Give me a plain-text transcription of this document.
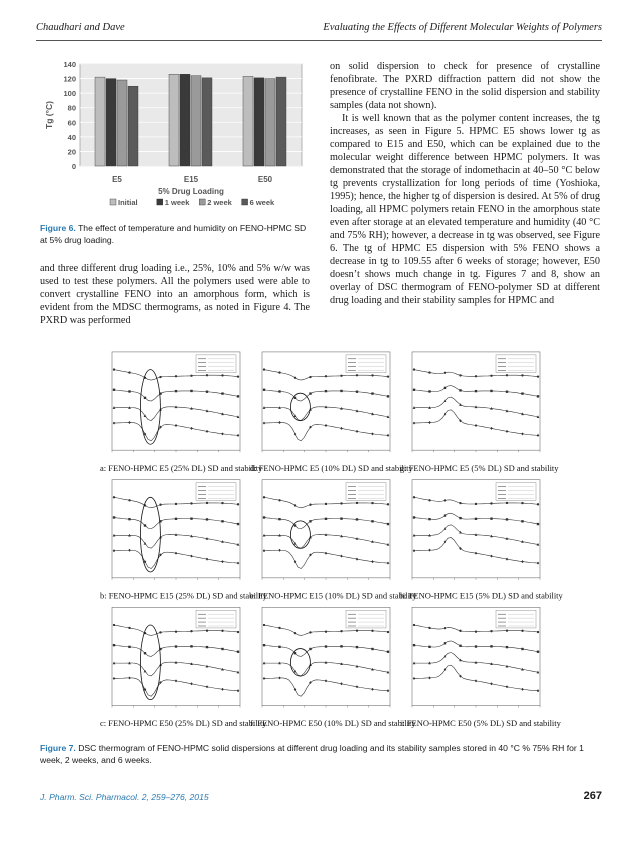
Chaudhari and Dave	Evaluating the Effects of Different Molecular Weights of Polymers
0
20
40
60
80
100
120
140
Tg (°C)
E5	E15	E50
5% Drug Loading
Initial	1 week 2 week 6 week
Figure 6. The effect of temperature and humidity on FENO-HPMC SD at 5% drug loading.

and three different drug loading i.e., 25%, 10% and 5% w/w was used to test these polymers. All the polymers used were able to convert crystalline FENO into an amorphous form, which is evident from the MDSC thermograms, as noted in Figure 4. The PXRD was performed

on solid dispersion to check for presence of crystalline fenofibrate. The PXRD diffraction pattern did not show the presence of crystalline FENO in the solid dispersion and stability samples (data not shown).

It is well known that as the polymer content increases, the tg increases, as seen in Figure 5. HPMC E5 shows lower tg as compared to E15 and E50, which can be explained due to the molecular weight difference between HPMC polymers. It was demonstrated that the storage of indomethacin at 40–50 °C below tg prevents crystallization for long periods of time (Yoshioka, 1995); hence, the higher tg of dispersion is desired. At 5% of drug loading, all HPMC polymers retain FENO in the amorphous state even after storage at an elevated temperature and humidity (40 °C and 75% RH); however, a decrease in tg was observed, see Figure 6. The tg of HPMC E5 dispersion with 5% FENO shows a decrease in tg to 109.55 after 6 weeks of storage; however, E50 doesn’t shows much change in tg. Figures 7 and 8, show an overlay of DSC thermogram of FENO-polymer SD at different drug loading and their stability samples for HPMC and

a: FENO-HPMC E5 (25% DL) SD and stability
d: FENO-HPMC E5 (10% DL) SD and stability
g: FENO-HPMC E5 (5% DL) SD and stability
b: FENO-HPMC E15 (25% DL) SD and stability
e: FENO-HPMC E15 (10% DL) SD and stability
h: FENO-HPMC E15 (5% DL) SD and stability
c: FENO-HPMC E50 (25% DL) SD and stability
f: FENO-HPMC E50 (10% DL) SD and stability
i: FENO-HPMC E50 (5% DL) SD and stability
Figure 7. DSC thermogram of FENO-HPMC solid dispersions at different drug loading and its stability samples stored in 40 °C % 75% RH for 1 week, 2 weeks, and 6 weeks.
J. Pharm. Sci. Pharmacol. 2, 259–276, 2015	267
